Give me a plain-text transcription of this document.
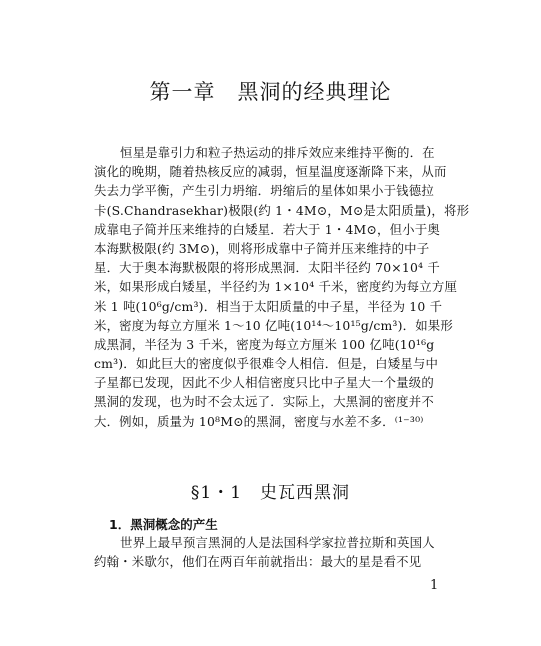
第一章　黑洞的经典理论
恒星是靠引力和粒子热运动的排斥效应来维持平衡的．在
演化的晚期，随着热核反应的减弱，恒星温度逐渐降下来，从而
失去力学平衡，产生引力坍缩．坍缩后的星体如果小于钱德拉
卡(S.Chandrasekhar)极限(约 1・4M⊙，M⊙是太阳质量)，将形
成靠电子简并压来维持的白矮星．若大于 1・4M⊙，但小于奥
本海默极限(约 3M⊙)，则将形成靠中子简并压来维持的中子
星．大于奥本海默极限的将形成黑洞．太阳半径约 70×10⁴ 千
米，如果形成白矮星，半径约为 1×10⁴ 千米，密度约为每立方厘
米 1 吨(10⁶g/cm³)．相当于太阳质量的中子星，半径为 10 千
米，密度为每立方厘米 1～10 亿吨(10¹⁴～10¹⁵g/cm³)．如果形
成黑洞，半径为 3 千米，密度为每立方厘米 100 亿吨(10¹⁶g
cm³)．如此巨大的密度似乎很难令人相信．但是，白矮星与中
子星都已发现，因此不少人相信密度只比中子星大一个量级的
黑洞的发现，也为时不会太远了．实际上，大黑洞的密度并不
大．例如，质量为 10⁸M⊙的黑洞，密度与水差不多．⁽¹⁻³⁰⁾
§1・1　史瓦西黑洞
1．黑洞概念的产生
世界上最早预言黑洞的人是法国科学家拉普拉斯和英国人
约翰・米歇尔，他们在两百年前就指出：最大的星是看不见
1
